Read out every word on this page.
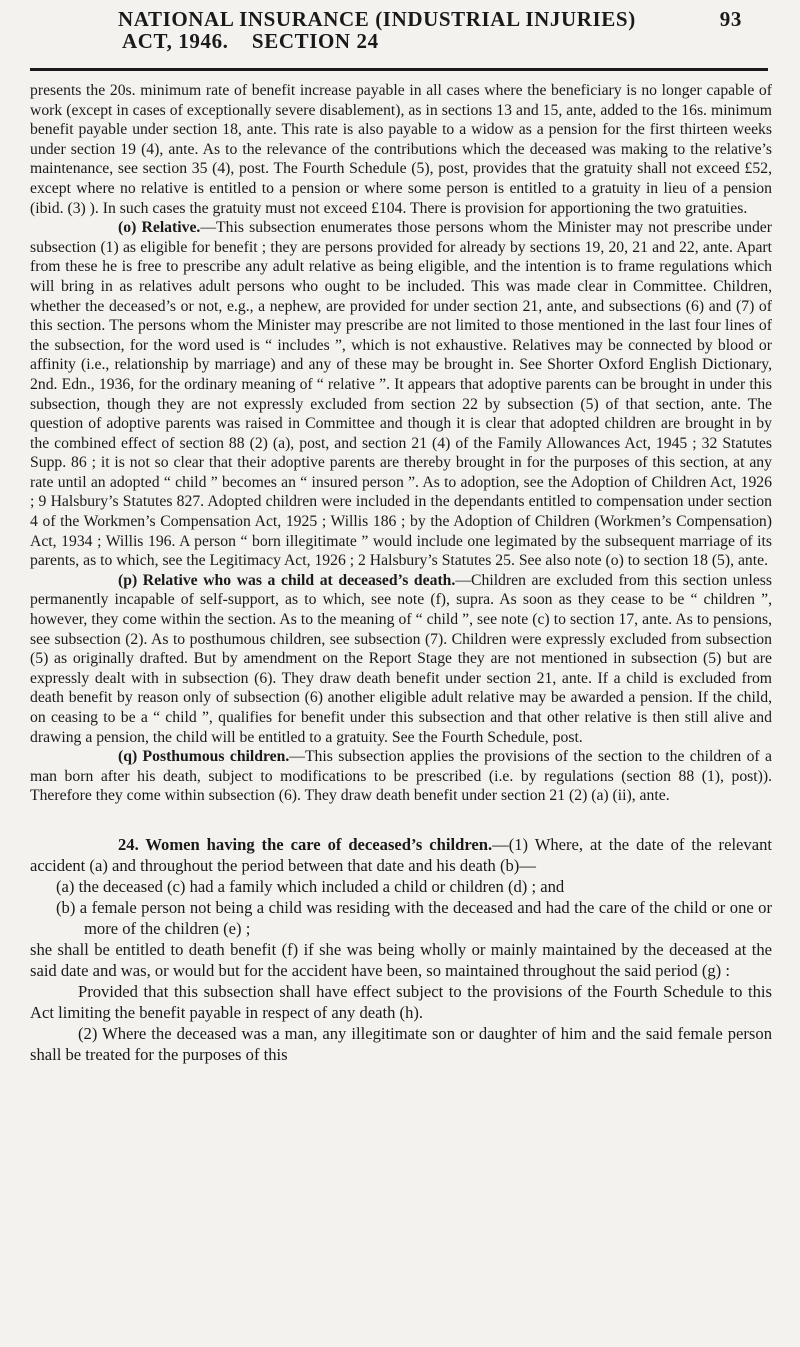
NATIONAL INSURANCE (INDUSTRIAL INJURIES)
ACT, 1946.    SECTION 24
93

presents the 20s. minimum rate of benefit increase payable in all cases where the beneficiary is no longer capable of work (except in cases of exceptionally severe disablement), as in sections 13 and 15, ante, added to the 16s. minimum benefit payable under section 18, ante. This rate is also payable to a widow as a pension for the first thirteen weeks under section 19 (4), ante. As to the relevance of the contributions which the deceased was making to the relative’s maintenance, see section 35 (4), post. The Fourth Schedule (5), post, provides that the gratuity shall not exceed £52, except where no relative is entitled to a pension or where some person is entitled to a gratuity in lieu of a pension (ibid. (3) ). In such cases the gratuity must not exceed £104. There is provision for apportioning the two gratuities.

(o) Relative.—This subsection enumerates those persons whom the Minister may not prescribe under subsection (1) as eligible for benefit ; they are persons provided for already by sections 19, 20, 21 and 22, ante. Apart from these he is free to prescribe any adult relative as being eligible, and the intention is to frame regulations which will bring in as relatives adult persons who ought to be included. This was made clear in Committee. Children, whether the deceased’s or not, e.g., a nephew, are provided for under section 21, ante, and subsections (6) and (7) of this section. The persons whom the Minister may prescribe are not limited to those mentioned in the last four lines of the subsection, for the word used is “ includes ”, which is not exhaustive. Relatives may be connected by blood or affinity (i.e., relationship by marriage) and any of these may be brought in. See Shorter Oxford English Dictionary, 2nd. Edn., 1936, for the ordinary meaning of “ relative ”. It appears that adoptive parents can be brought in under this subsection, though they are not expressly excluded from section 22 by subsection (5) of that section, ante. The question of adoptive parents was raised in Committee and though it is clear that adopted children are brought in by the combined effect of section 88 (2) (a), post, and section 21 (4) of the Family Allowances Act, 1945 ; 32 Statutes Supp. 86 ; it is not so clear that their adoptive parents are thereby brought in for the purposes of this section, at any rate until an adopted “ child ” becomes an “ insured person ”. As to adoption, see the Adoption of Children Act, 1926 ; 9 Halsbury’s Statutes 827. Adopted children were included in the dependants entitled to compensation under section 4 of the Workmen’s Compensation Act, 1925 ; Willis 186 ; by the Adoption of Children (Workmen’s Compensation) Act, 1934 ; Willis 196. A person “ born illegitimate ” would include one legimated by the subsequent marriage of its parents, as to which, see the Legitimacy Act, 1926 ; 2 Halsbury’s Statutes 25. See also note (o) to section 18 (5), ante.

(p) Relative who was a child at deceased’s death.—Children are excluded from this section unless permanently incapable of self-support, as to which, see note (f), supra. As soon as they cease to be “ children ”, however, they come within the section. As to the meaning of “ child ”, see note (c) to section 17, ante. As to pensions, see subsection (2). As to posthumous children, see subsection (7). Children were expressly excluded from subsection (5) as originally drafted. But by amendment on the Report Stage they are not mentioned in subsection (5) but are expressly dealt with in subsection (6). They draw death benefit under section 21, ante. If a child is excluded from death benefit by reason only of subsection (6) another eligible adult relative may be awarded a pension. If the child, on ceasing to be a “ child ”, qualifies for benefit under this subsection and that other relative is then still alive and drawing a pension, the child will be entitled to a gratuity. See the Fourth Schedule, post.

(q) Posthumous children.—This subsection applies the provisions of the section to the children of a man born after his death, subject to modifications to be prescribed (i.e. by regulations (section 88 (1), post)). Therefore they come within subsection (6). They draw death benefit under section 21 (2) (a) (ii), ante.

24. Women having the care of deceased’s children.—(1) Where, at the date of the relevant accident (a) and throughout the period between that date and his death (b)—

(a) the deceased (c) had a family which included a child or children (d) ; and

(b) a female person not being a child was residing with the deceased and had the care of the child or one or more of the children (e) ;

she shall be entitled to death benefit (f) if she was being wholly or mainly maintained by the deceased at the said date and was, or would but for the accident have been, so maintained throughout the said period (g) :

Provided that this subsection shall have effect subject to the provisions of the Fourth Schedule to this Act limiting the benefit payable in respect of any death (h).

(2) Where the deceased was a man, any illegitimate son or daughter of him and the said female person shall be treated for the purposes of this
